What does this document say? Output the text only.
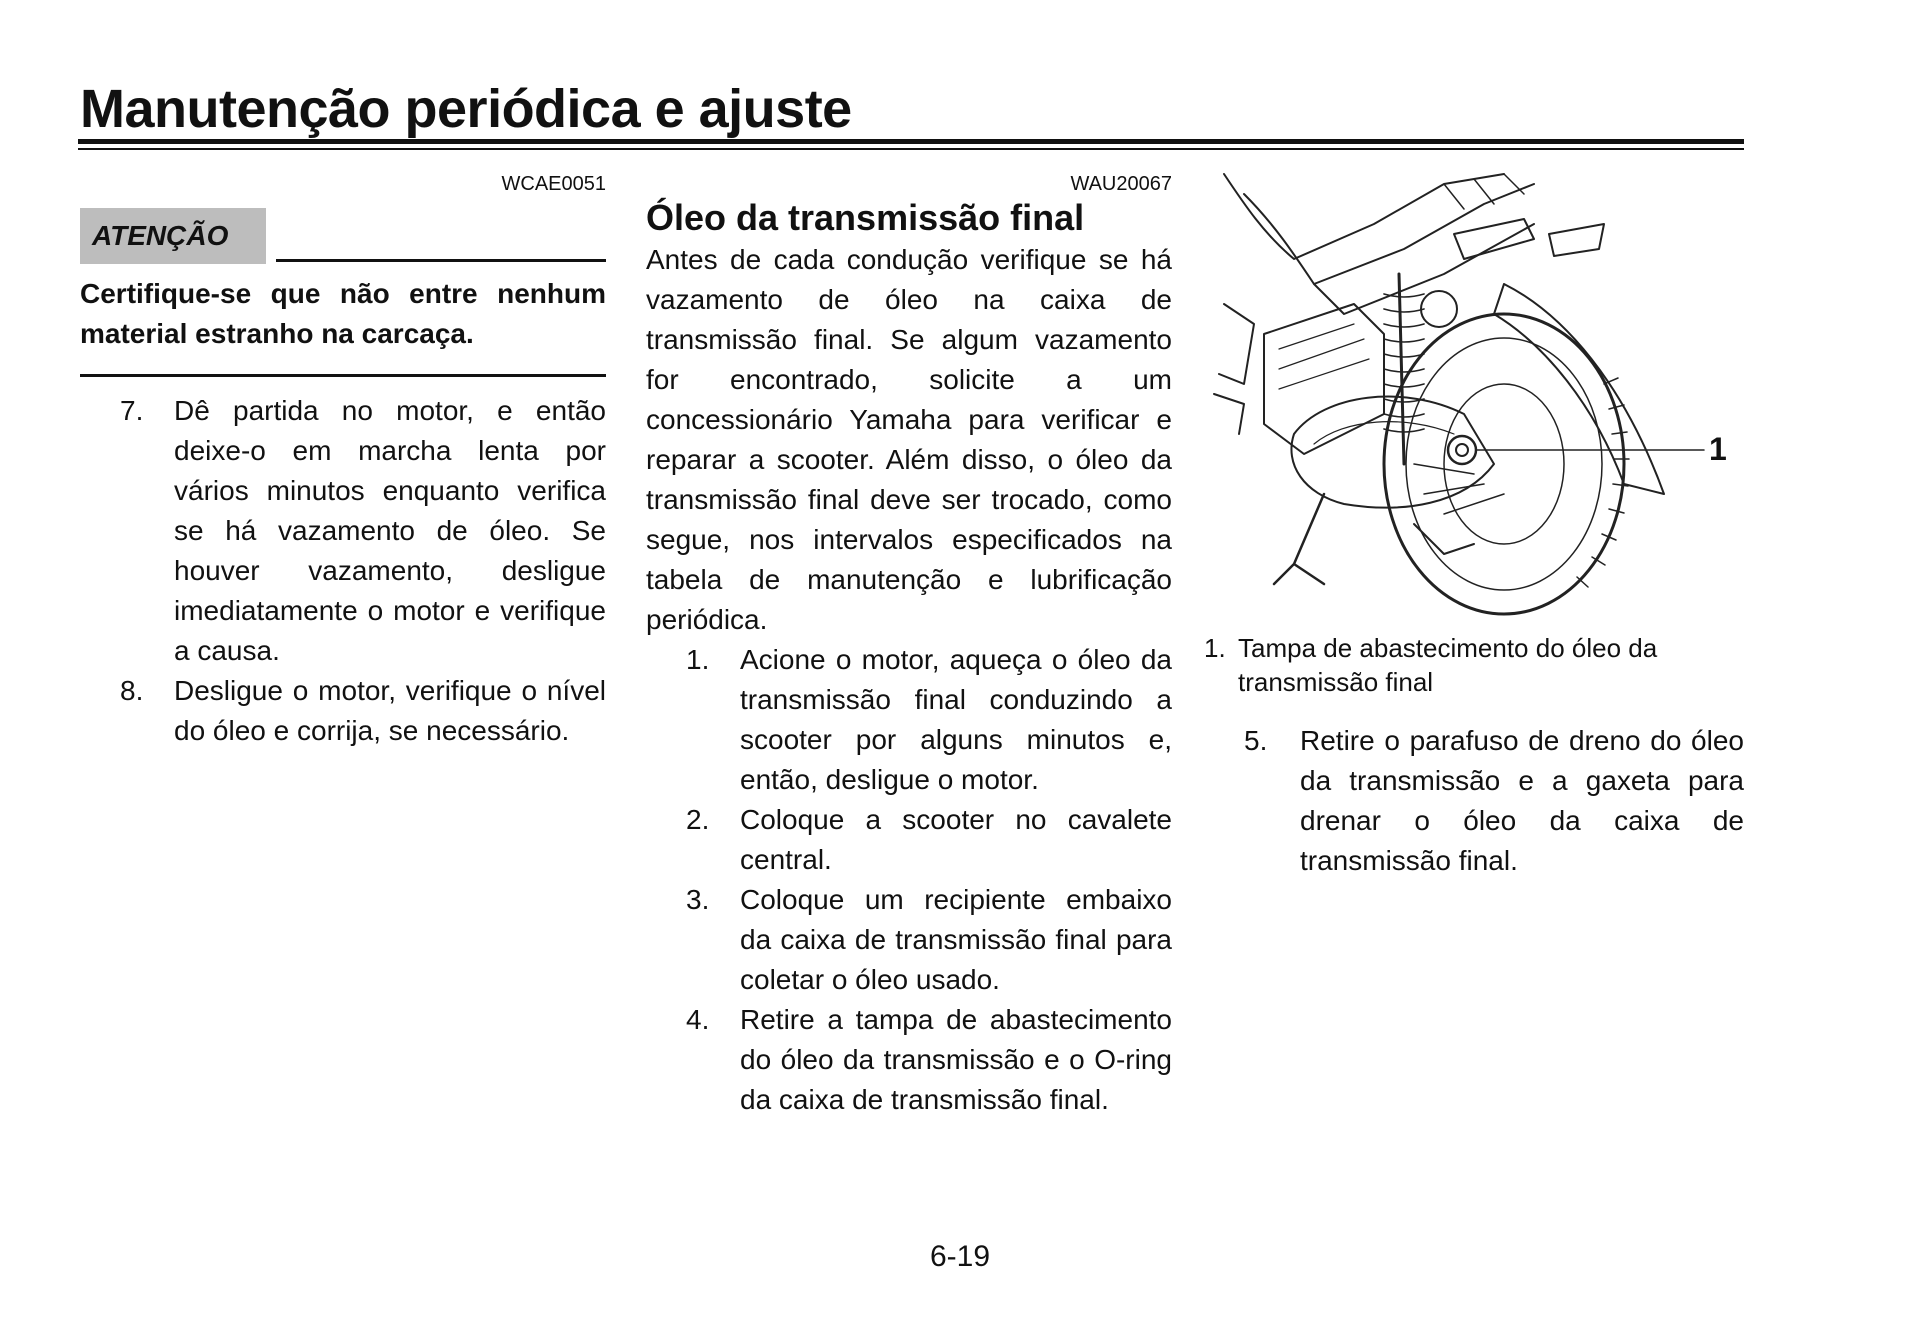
Manutenção periódica e ajuste
WCAE0051
ATENÇÃO
Certifique-se que não entre nenhum material estranho na carcaça.
7. Dê partida no motor, e então deixe-o em marcha lenta por vários minutos enquanto verifica se há vazamento de óleo. Se houver vazamento, desligue imediatamente o motor e verifique a causa.
8. Desligue o motor, verifique o nível do óleo e corrija, se necessário.
WAU20067
Óleo da transmissão final
Antes de cada condução verifique se há vazamento de óleo na caixa de transmissão final. Se algum vazamento for encontrado, solicite a um concessionário Yamaha para verificar e reparar a scooter. Além disso, o óleo da transmissão final deve ser trocado, como segue, nos intervalos especificados na tabela de manutenção e lubrificação periódica.
1. Acione o motor, aqueça o óleo da transmissão final conduzindo a scooter por alguns minutos e, então, desligue o motor.
2. Coloque a scooter no cavalete central.
3. Coloque um recipiente embaixo da caixa de transmissão final para coletar o óleo usado.
4. Retire a tampa de abastecimento do óleo da transmissão e o O-ring da caixa de transmissão final.
1
1. Tampa de abastecimento do óleo da transmissão final
5. Retire o parafuso de dreno do óleo da transmissão e a gaxeta para drenar o óleo da caixa de transmissão final.
6-19
